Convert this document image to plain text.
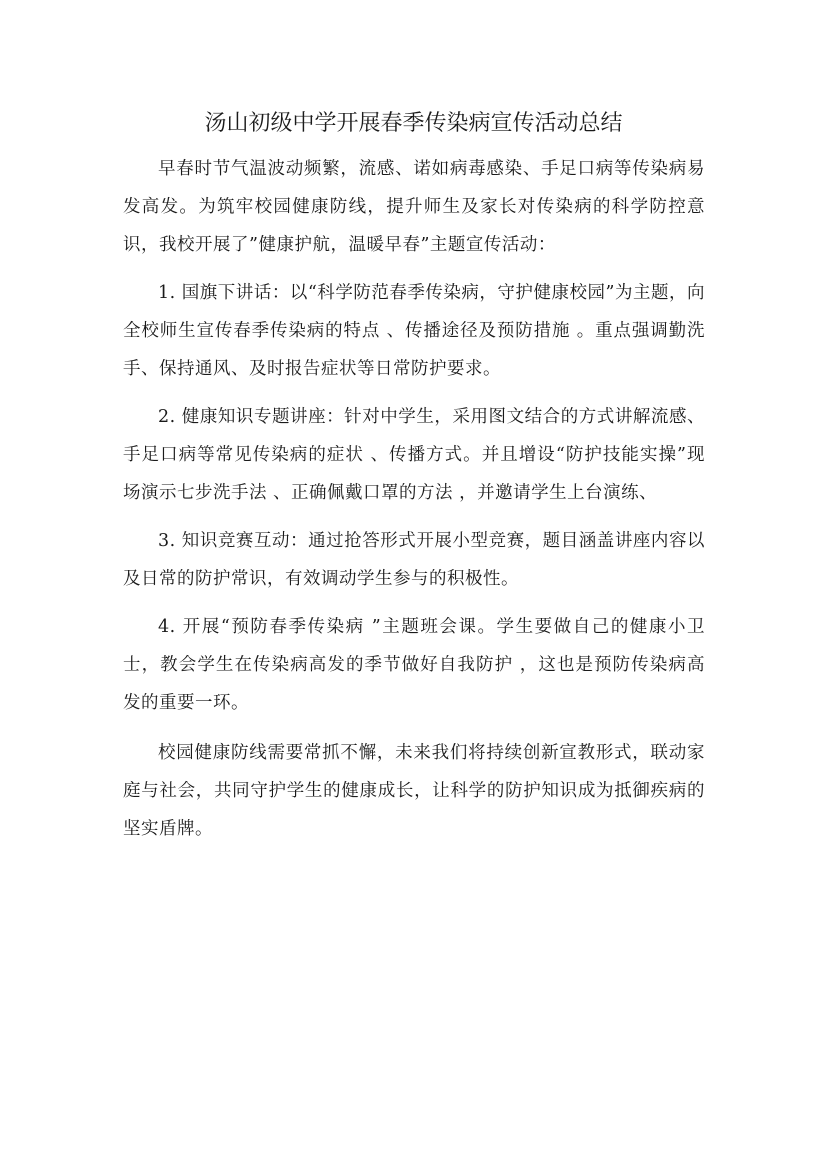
汤山初级中学开展春季传染病宣传活动总结

早春时节气温波动频繁，流感、诺如病毒感染、手足口病等传染病易发高发。为筑牢校园健康防线，提升师生及家长对传染病的科学防控意识，我校开展了”健康护航，温暖早春”主题宣传活动：

1. 国旗下讲话：以“科学防范春季传染病，守护健康校园”为主题，向全校师生宣传春季传染病的特点 、传播途径及预防措施 。重点强调勤洗手、保持通风、及时报告症状等日常防护要求。

2. 健康知识专题讲座：针对中学生，采用图文结合的方式讲解流感、手足口病等常见传染病的症状 、传播方式。并且增设“防护技能实操”现场演示七步洗手法 、正确佩戴口罩的方法 ，并邀请学生上台演练、

3. 知识竞赛互动：通过抢答形式开展小型竞赛，题目涵盖讲座内容以及日常的防护常识，有效调动学生参与的积极性。

4. 开展“预防春季传染病 ”主题班会课。学生要做自己的健康小卫士，教会学生在传染病高发的季节做好自我防护 ，这也是预防传染病高发的重要一环。

校园健康防线需要常抓不懈，未来我们将持续创新宣教形式，联动家庭与社会，共同守护学生的健康成长，让科学的防护知识成为抵御疾病的坚实盾牌。
